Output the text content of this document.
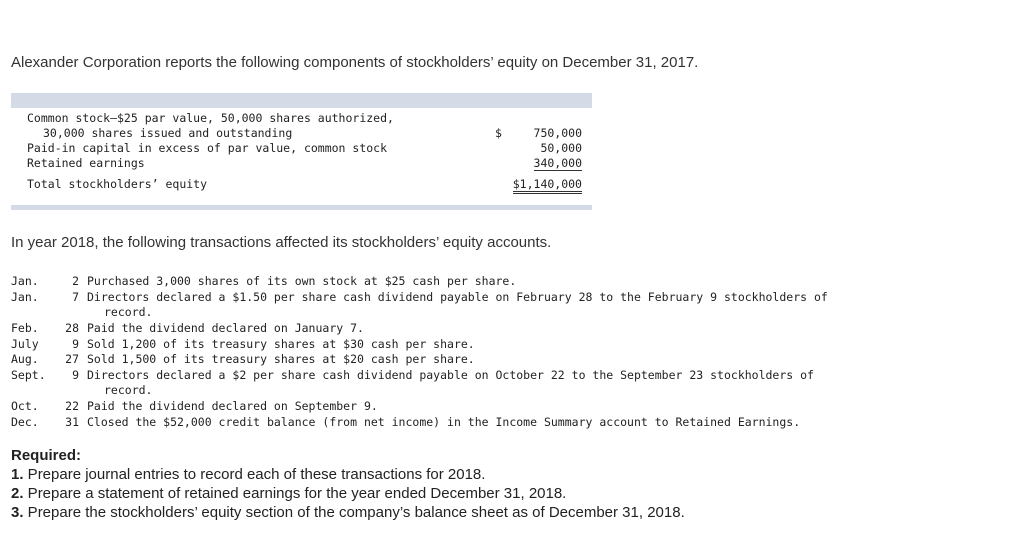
Alexander Corporation reports the following components of stockholders’ equity on December 31, 2017.
Common stock—$25 par value, 50,000 shares authorized,
30,000 shares issued and outstanding	$	750,000
Paid-in capital in excess of par value, common stock	50,000
Retained earnings	340,000
Total stockholders’ equity	$1,140,000
In year 2018, the following transactions affected its stockholders’ equity accounts.
Jan.	2 Purchased 3,000 shares of its own stock at $25 cash per share.
Jan.	7 Directors declared a $1.50 per share cash dividend payable on February 28 to the February 9 stockholders of
record.
Feb.	28 Paid the dividend declared on January 7.
July	9 Sold 1,200 of its treasury shares at $30 cash per share.
Aug.	27 Sold 1,500 of its treasury shares at $20 cash per share.
Sept.	9 Directors declared a $2 per share cash dividend payable on October 22 to the September 23 stockholders of
record.
Oct.	22 Paid the dividend declared on September 9.
Dec.	31 Closed the $52,000 credit balance (from net income) in the Income Summary account to Retained Earnings.
Required:
1. Prepare journal entries to record each of these transactions for 2018.
2. Prepare a statement of retained earnings for the year ended December 31, 2018.
3. Prepare the stockholders’ equity section of the company’s balance sheet as of December 31, 2018.
